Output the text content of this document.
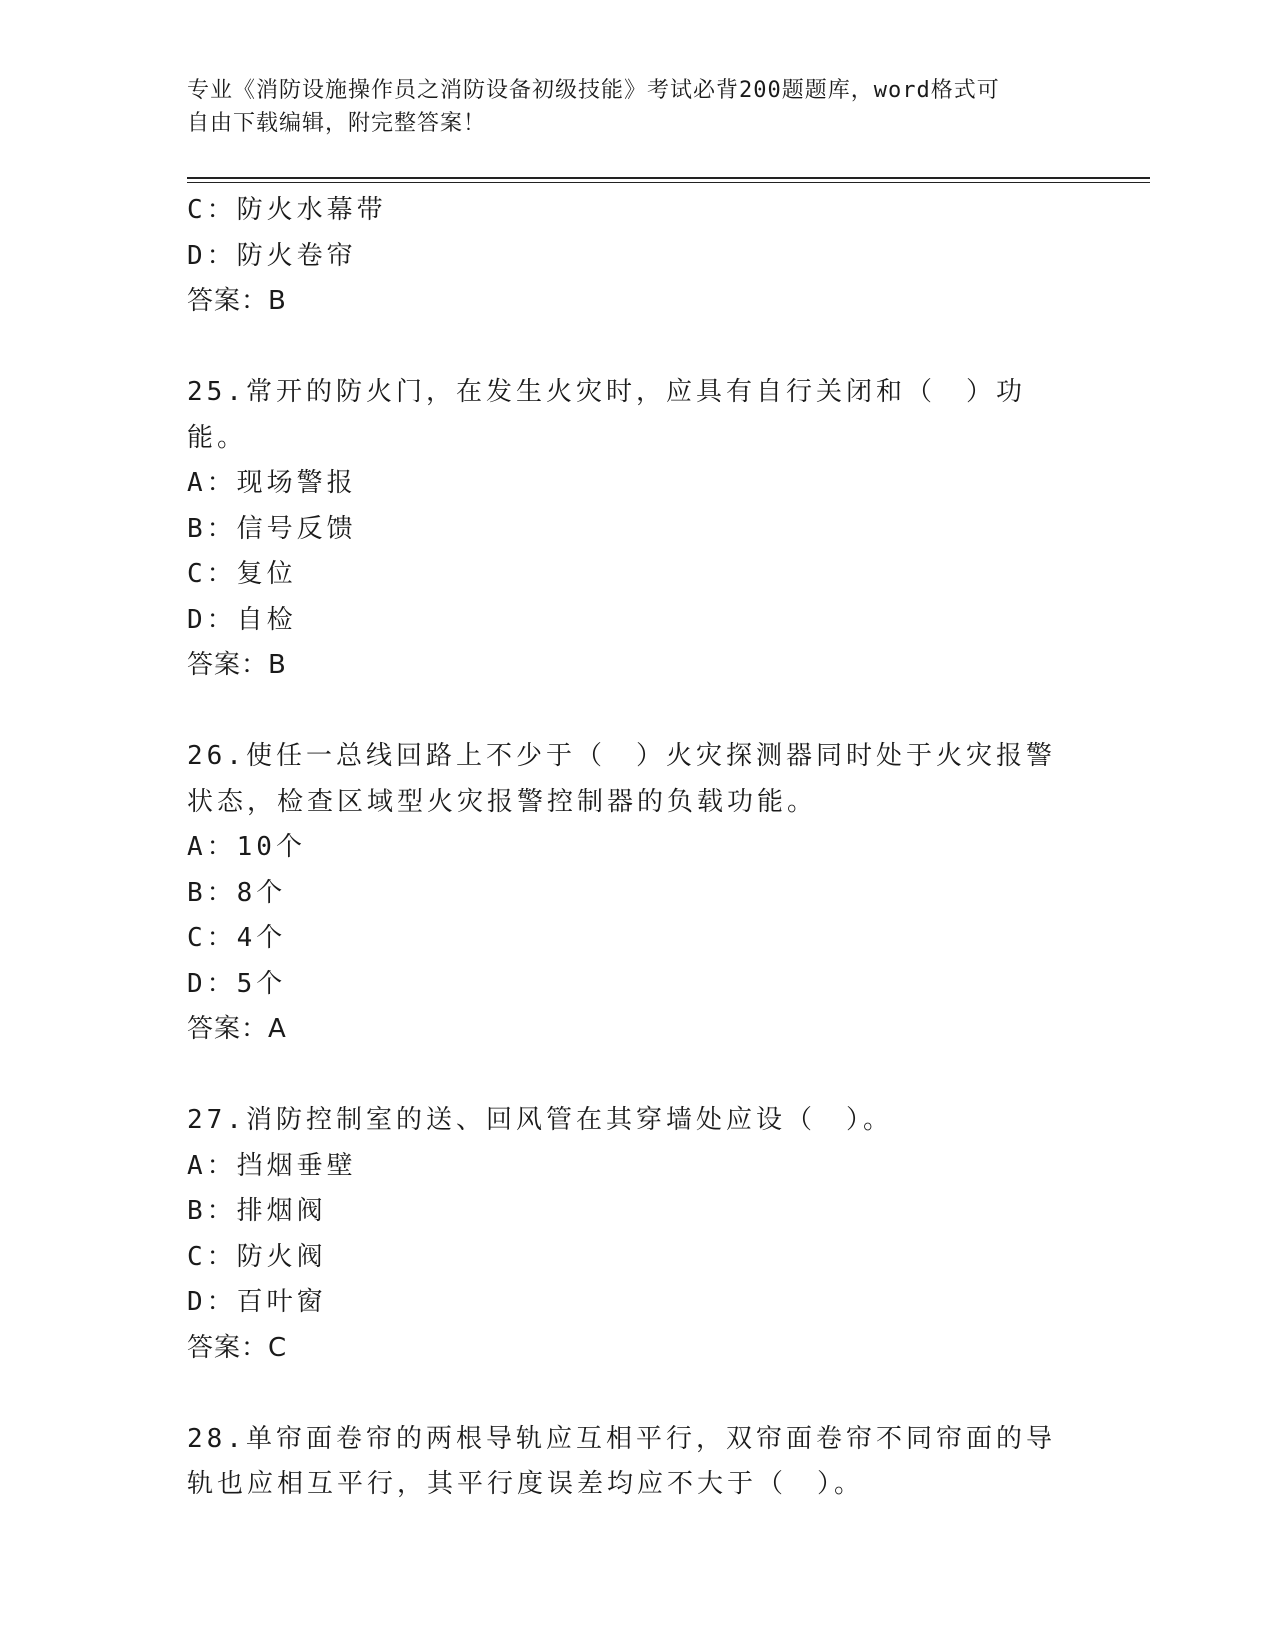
专业《消防设施操作员之消防设备初级技能》考试必背200题题库，word格式可
自由下载编辑，附完整答案！
C：防火水幕带
D：防火卷帘
答案：B
25.常开的防火门，在发生火灾时，应具有自行关闭和（　）功能。
A：现场警报
B：信号反馈
C：复位
D：自检
答案：B
26.使任一总线回路上不少于（　）火灾探测器同时处于火灾报警状态，检查区域型火灾报警控制器的负载功能。
A：10个
B：8个
C：4个
D：5个
答案：A
27.消防控制室的送、回风管在其穿墙处应设（　）。
A：挡烟垂壁
B：排烟阀
C：防火阀
D：百叶窗
答案：C
28.单帘面卷帘的两根导轨应互相平行，双帘面卷帘不同帘面的导轨也应相互平行，其平行度误差均应不大于（　）。
